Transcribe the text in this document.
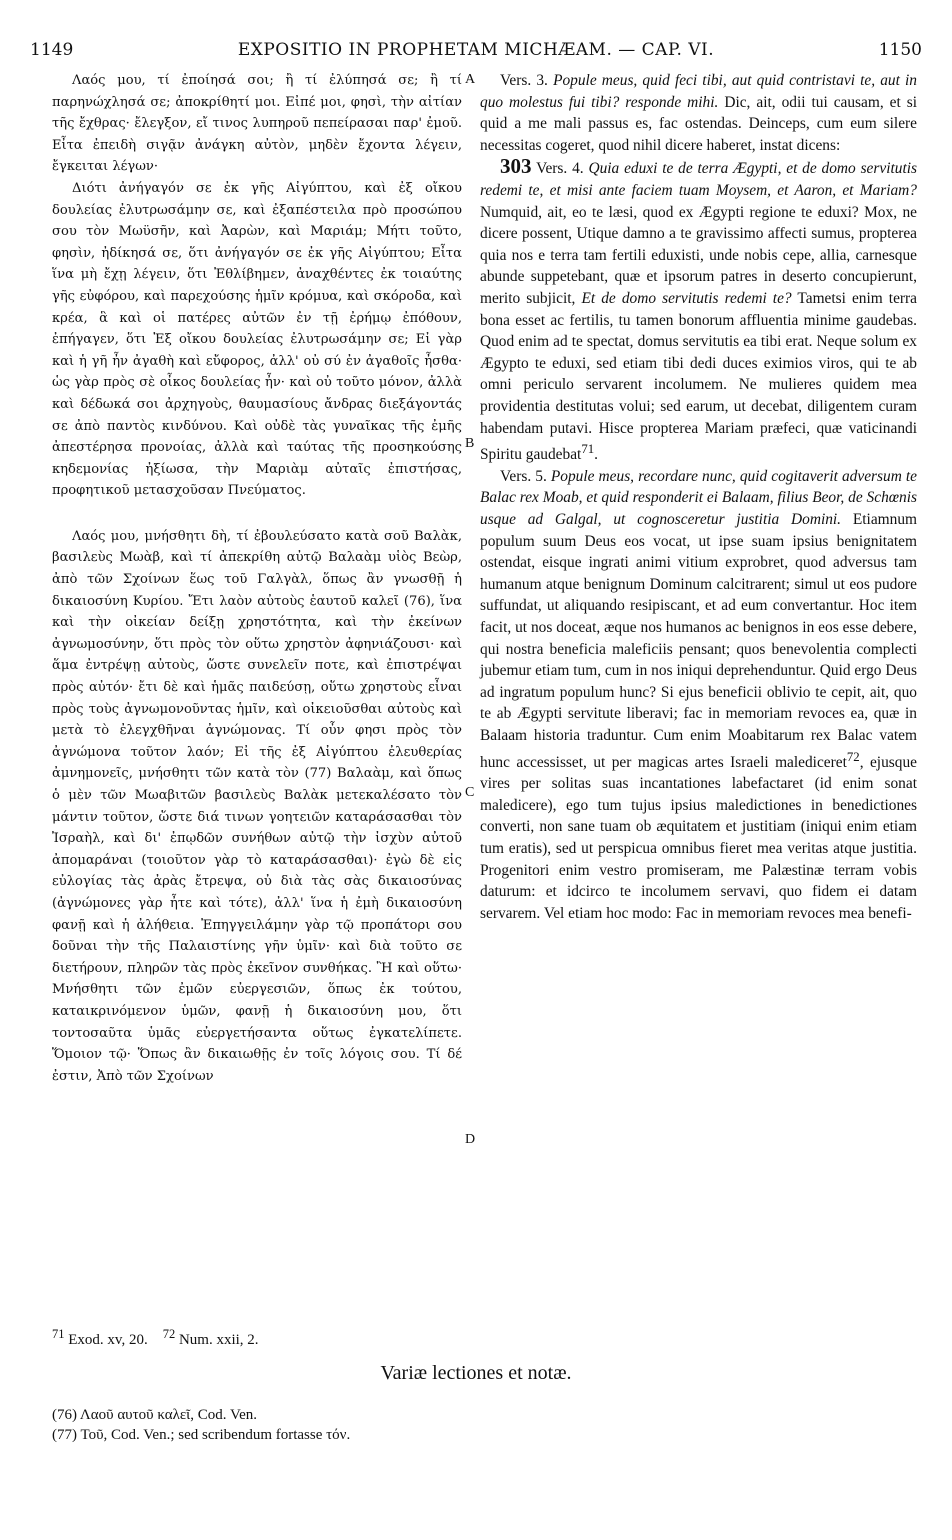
1149	EXPOSITIO IN PROPHETAM MICHÆAM. — CAP. VI.	1150
A
B
C
D

Λαός μου, τί ἐποίησά σοι; ἢ τί ἐλύπησά σε; ἢ τί παρηνώχλησά σε; ἀποκρίθητί μοι. Εἰπέ μοι, φησὶ, τὴν αἰτίαν τῆς ἔχθρας· ἔλεγξον, εἴ τινος λυπηροῦ πεπείρασαι παρ' ἐμοῦ. Εἶτα ἐπειδὴ σιγᾷν ἀνάγκη αὐτὸν, μηδὲν ἔχοντα λέγειν, ἔγκειται λέγων·

Διότι ἀνήγαγόν σε ἐκ γῆς Αἰγύπτου, καὶ ἐξ οἴκου δουλείας ἐλυτρωσάμην σε, καὶ ἐξαπέστειλα πρὸ προσώπου σου τὸν Μωϋσῆν, καὶ Ἀαρὼν, καὶ Μαριάμ; Μήτι τοῦτο, φησὶν, ἠδίκησά σε, ὅτι ἀνήγαγόν σε ἐκ γῆς Αἰγύπτου; Εἶτα ἵνα μὴ ἔχῃ λέγειν, ὅτι Ἐθλίβημεν, ἀναχθέντες ἐκ τοιαύτης γῆς εὐφόρου, καὶ παρεχούσης ἡμῖν κρόμυα, καὶ σκόροδα, καὶ κρέα, ἃ καὶ οἱ πατέρες αὐτῶν ἐν τῇ ἐρήμῳ ἐπόθουν, ἐπήγαγεν, ὅτι Ἐξ οἴκου δουλείας ἐλυτρωσάμην σε; Εἰ γὰρ καὶ ἡ γῆ ἦν ἀγαθὴ καὶ εὔφορος, ἀλλ' οὐ σύ ἐν ἀγαθοῖς ἦσθα· ὡς γὰρ πρὸς σὲ οἶκος δουλείας ἦν· καὶ οὐ τοῦτο μόνον, ἀλλὰ καὶ δέδωκά σοι ἀρχηγοὺς, θαυμασίους ἄνδρας διεξάγοντάς σε ἀπὸ παντὸς κινδύνου. Καὶ οὐδὲ τὰς γυναῖκας τῆς ἐμῆς ἀπεστέρησα προνοίας, ἀλλὰ καὶ ταύτας τῆς προσηκούσης κηδεμονίας ἠξίωσα, τὴν Μαριὰμ αὐταῖς ἐπιστήσας, προφητικοῦ μετασχοῦσαν Πνεύματος.

Λαός μου, μνήσθητι δὴ, τί ἐβουλεύσατο κατὰ σοῦ Βαλὰκ, βασιλεὺς Μωὰβ, καὶ τί ἀπεκρίθη αὐτῷ Βαλαὰμ υἱὸς Βεὼρ, ἀπὸ τῶν Σχοίνων ἕως τοῦ Γαλγὰλ, ὅπως ἂν γνωσθῇ ἡ δικαιοσύνη Κυρίου. Ἔτι λαὸν αὐτοὺς ἑαυτοῦ καλεῖ (76), ἵνα καὶ τὴν οἰκείαν δείξῃ χρηστότητα, καὶ τὴν ἐκείνων ἀγνωμοσύνην, ὅτι πρὸς τὸν οὕτω χρηστὸν ἀφηνιάζουσι· καὶ ἅμα ἐντρέψῃ αὐτοὺς, ὥστε συνελεῖν ποτε, καὶ ἐπιστρέψαι πρὸς αὐτόν· ἔτι δὲ καὶ ἡμᾶς παιδεύσῃ, οὕτω χρηστοὺς εἶναι πρὸς τοὺς ἀγνωμονοῦντας ἡμῖν, καὶ οἰκειοῦσθαι αὐτοὺς καὶ μετὰ τὸ ἐλεγχθῆναι ἀγνώμονας. Τί οὖν φησι πρὸς τὸν ἀγνώμονα τοῦτον λαόν; Εἰ τῆς ἐξ Αἰγύπτου ἐλευθερίας ἀμνημονεῖς, μνήσθητι τῶν κατὰ τὸν (77) Βαλαὰμ, καὶ ὅπως ὁ μὲν τῶν Μωαβιτῶν βασιλεὺς Βαλὰκ μετεκαλέσατο τὸν μάντιν τοῦτον, ὥστε διά τινων γοητειῶν καταράσασθαι τὸν Ἰσραὴλ, καὶ δι' ἐπῳδῶν συνήθων αὐτῷ τὴν ἰσχὺν αὐτοῦ ἀπομαράναι (τοιοῦτον γὰρ τὸ καταράσασθαι)· ἐγὼ δὲ εἰς εὐλογίας τὰς ἀρὰς ἔτρεψα, οὐ διὰ τὰς σὰς δικαιοσύνας (ἀγνώμονες γὰρ ἦτε καὶ τότε), ἀλλ' ἵνα ἡ ἐμὴ δικαιοσύνη φανῇ καὶ ἡ ἀλήθεια. Ἐπηγγειλάμην γὰρ τῷ προπάτορι σου δοῦναι τὴν τῆς Παλαιστίνης γῆν ὑμῖν· καὶ διὰ τοῦτο σε διετήρουν, πληρῶν τὰς πρὸς ἐκεῖνον συνθήκας. Ἢ καὶ οὕτω· Μνήσθητι τῶν ἐμῶν εὐεργεσιῶν, ὅπως ἐκ τούτου, καταικρινόμενον ὑμῶν, φανῇ ἡ δικαιοσύνη μου, ὅτι τοντοσαῦτα ὑμᾶς εὐεργετήσαντα οὕτως ἐγκατελίπετε. Ὅμοιον τῷ· Ὅπως ἂν δικαιωθῇς ἐν τοῖς λόγοις σου. Τί δέ ἐστιν, Ἀπὸ τῶν Σχοίνων

Vers. 3. Popule meus, quid feci tibi, aut quid contristavi te, aut in quo molestus fui tibi? responde mihi. Dic, ait, odii tui causam, et si quid a me mali passus es, fac ostendas. Deinceps, cum eum silere necessitas cogeret, quod nihil dicere haberet, instat dicens:

303 Vers. 4. Quia eduxi te de terra Ægypti, et de domo servitutis redemi te, et misi ante faciem tuam Moysem, et Aaron, et Mariam? Numquid, ait, eo te læsi, quod ex Ægypti regione te eduxi? Mox, ne dicere possent, Utique damno a te gravissimo affecti sumus, propterea quia nos e terra tam fertili eduxisti, unde nobis cepe, allia, carnesque abunde suppetebant, quæ et ipsorum patres in deserto concupierunt, merito subjicit, Et de domo servitutis redemi te? Tametsi enim terra bona esset ac fertilis, tu tamen bonorum affluentia minime gaudebas. Quod enim ad te spectat, domus servitutis ea tibi erat. Neque solum ex Ægypto te eduxi, sed etiam tibi dedi duces eximios viros, qui te ab omni periculo servarent incolumem. Ne mulieres quidem mea providentia destitutas volui; sed earum, ut decebat, diligentem curam habendam putavi. Hisce propterea Mariam præfeci, quæ vaticinandi Spiritu gaudebat$^{71}$.

Vers. 5. Popule meus, recordare nunc, quid cogitaverit adversum te Balac rex Moab, et quid responderit ei Balaam, filius Beor, de Schœnis usque ad Galgal, ut cognosceretur justitia Domini. Etiamnum populum suum Deus eos vocat, ut ipse suam ipsius benignitatem ostendat, eisque ingrati animi vitium exprobret, quod adversus tam humanum atque benignum Dominum calcitrarent; simul ut eos pudore suffundat, ut aliquando resipiscant, et ad eum convertantur. Hoc item facit, ut nos doceat, æque nos humanos ac benignos in eos esse debere, qui nostra beneficia maleficiis pensant; quos benevolentia complecti jubemur etiam tum, cum in nos iniqui deprehenduntur. Quid ergo Deus ad ingratum populum hunc? Si ejus beneficii oblivio te cepit, ait, quo te ab Ægypti servitute liberavi; fac in memoriam revoces ea, quæ in Balaam historia traduntur. Cum enim Moabitarum rex Balac vatem hunc accessisset, ut per magicas artes Israeli malediceret$^{72}$, ejusque vires per solitas suas incantationes labefactaret (id enim sonat maledicere), ego tum tujus ipsius maledictiones in benedictiones converti, non sane tuam ob æquitatem et justitiam (iniqui enim etiam tum eratis), sed ut perspicua omnibus fieret mea veritas atque justitia. Progenitori enim vestro promiseram, me Palæstinæ terram vobis daturum: et idcirco te incolumem servavi, quo fidem ei datam servarem. Vel etiam hoc modo: Fac in memoriam revoces mea benefi-

$^{71}$ Exod. xv, 20. $^{72}$ Num. xxii, 2.
Variæ lectiones et notæ.
(76) Λαοῦ αυτοῦ καλεῖ, Cod. Ven.
(77) Τοῦ, Cod. Ven.; sed scribendum fortasse τόν.
